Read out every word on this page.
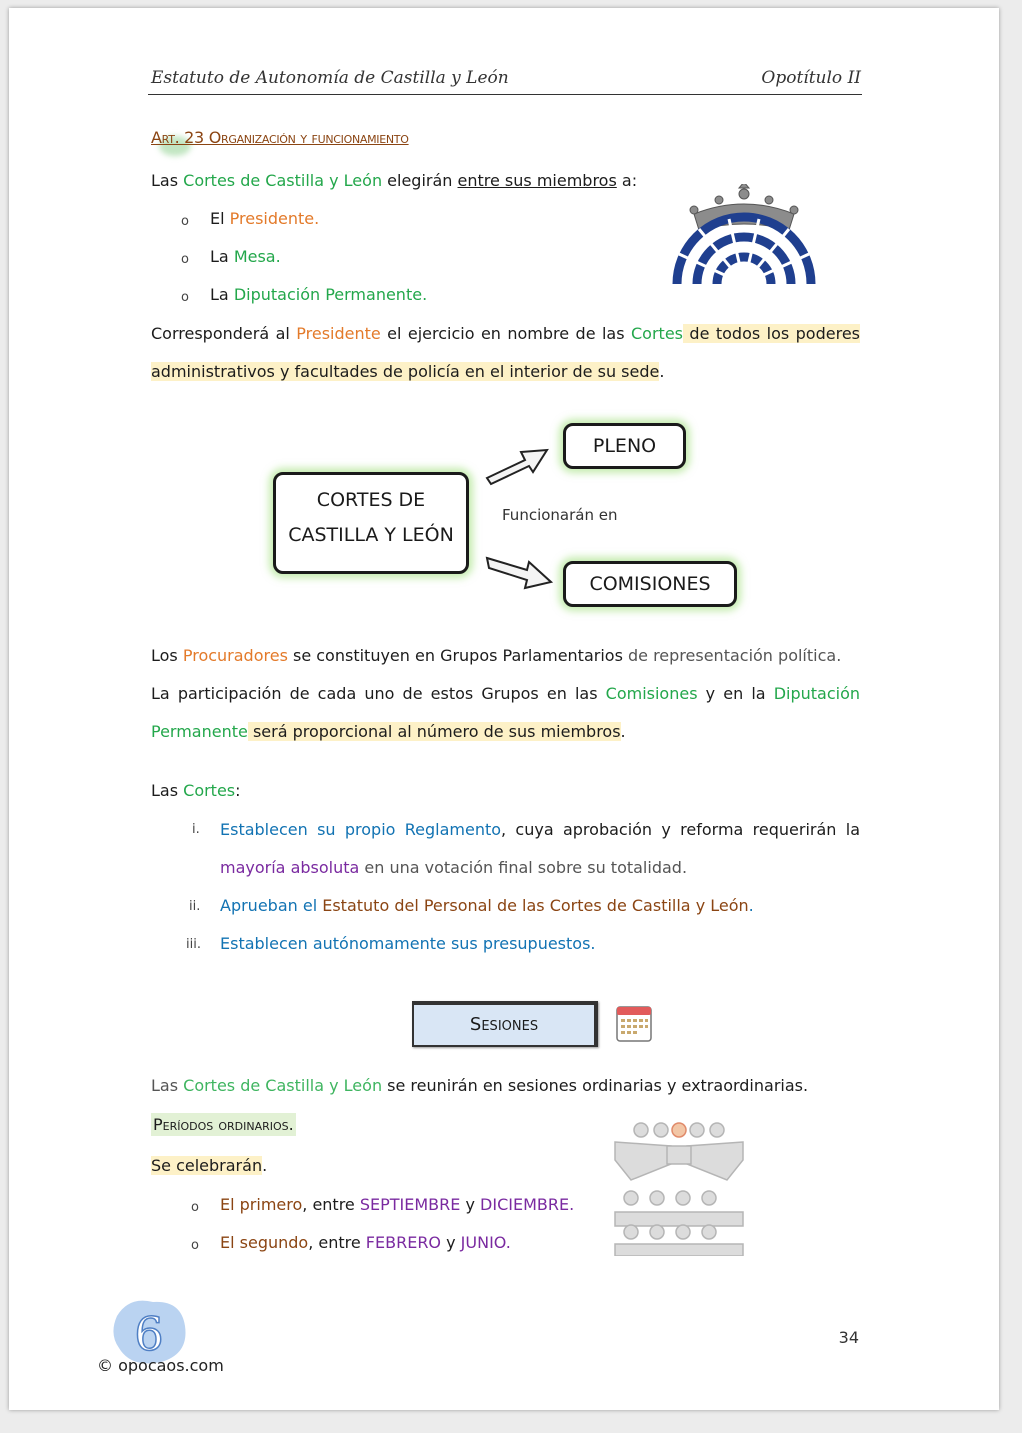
Estatuto de Autonomía de Castilla y León	Opotítulo II
Art. 23 Organización y funcionamiento
Las Cortes de Castilla y León elegirán entre sus miembros a:
o El Presidente.
o La Mesa.
o La Diputación Permanente.
Corresponderá al Presidente el ejercicio en nombre de las Cortes de todos los poderes administrativos y facultades de policía en el interior de su sede.
CORTES DE CASTILLA Y LEÓN
PLENO
COMISIONES
Funcionarán en
Los Procuradores se constituyen en Grupos Parlamentarios de representación política.
La participación de cada uno de estos Grupos en las Comisiones y en la Diputación Permanente será proporcional al número de sus miembros.
Las Cortes:
i. Establecen su propio Reglamento, cuya aprobación y reforma requerirán la mayoría absoluta en una votación final sobre su totalidad.
ii. Aprueban el Estatuto del Personal de las Cortes de Castilla y León.
iii. Establecen autónomamente sus presupuestos.
Sesiones
Las Cortes de Castilla y León se reunirán en sesiones ordinarias y extraordinarias.
Períodos ordinarios.
Se celebrarán.
o El primero, entre SEPTIEMBRE y DICIEMBRE.
o El segundo, entre FEBRERO y JUNIO.
34
6
© opocaos.com
